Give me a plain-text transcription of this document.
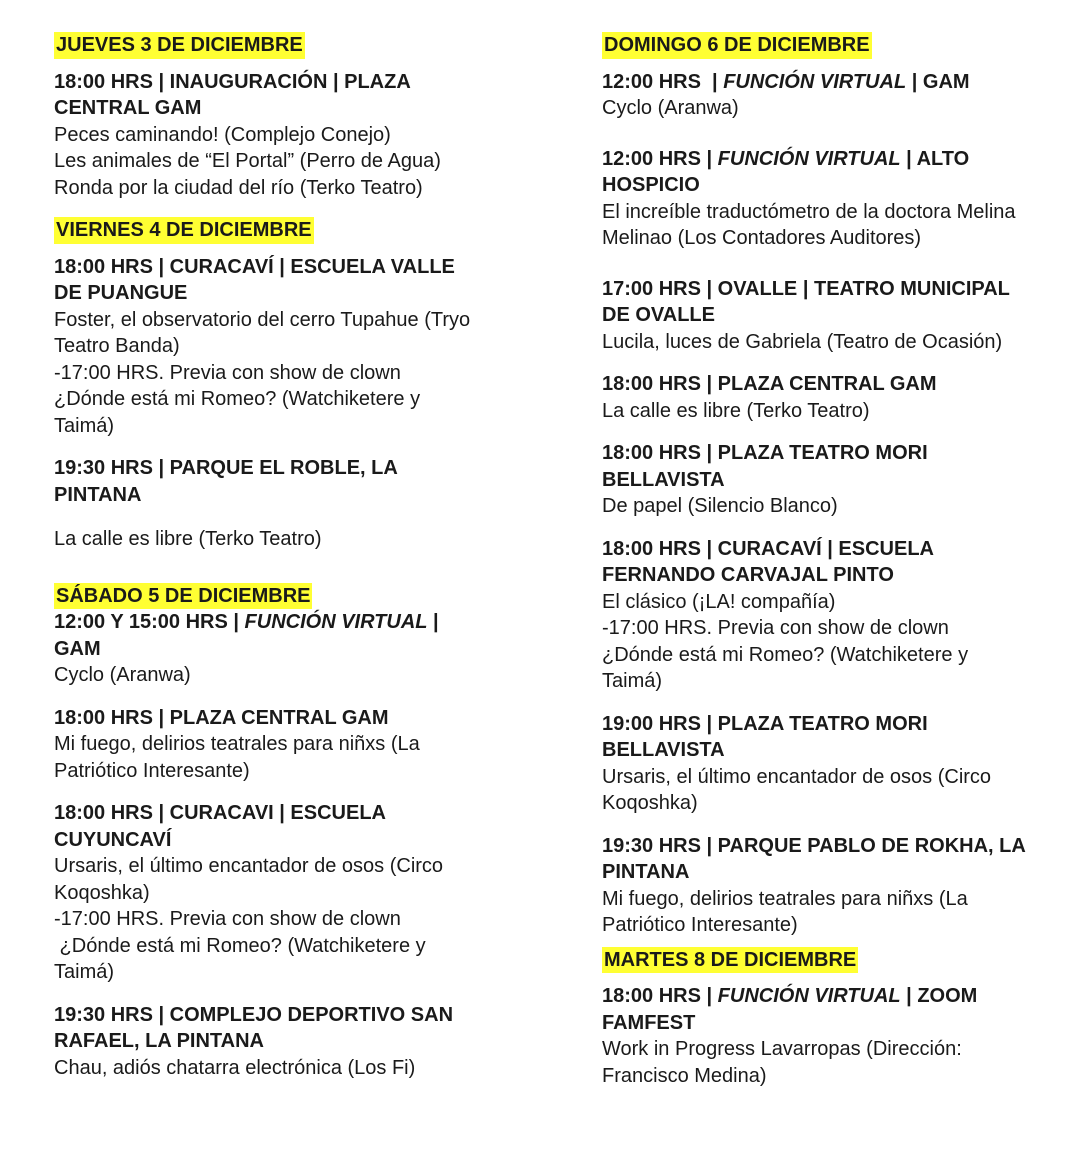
JUEVES 3 DE DICIEMBRE
18:00 HRS | INAUGURACIÓN | PLAZA
CENTRAL GAM
Peces caminando! (Complejo Conejo)
Les animales de “El Portal” (Perro de Agua)
Ronda por la ciudad del río (Terko Teatro)
VIERNES 4 DE DICIEMBRE
18:00 HRS | CURACAVÍ | ESCUELA VALLE
DE PUANGUE
Foster, el observatorio del cerro Tupahue (Tryo
Teatro Banda)
-17:00 HRS. Previa con show de clown
¿Dónde está mi Romeo? (Watchiketere y
Taimá)
19:30 HRS | PARQUE EL ROBLE, LA
PINTANA
La calle es libre (Terko Teatro)
SÁBADO 5 DE DICIEMBRE
12:00 Y 15:00 HRS | FUNCIÓN VIRTUAL |
GAM
Cyclo (Aranwa)
18:00 HRS | PLAZA CENTRAL GAM
Mi fuego, delirios teatrales para niñxs (La
Patriótico Interesante)
18:00 HRS | CURACAVI | ESCUELA
CUYUNCAVÍ
Ursaris, el último encantador de osos (Circo
Koqoshka)
-17:00 HRS. Previa con show de clown
¿Dónde está mi Romeo? (Watchiketere y
Taimá)
19:30 HRS | COMPLEJO DEPORTIVO SAN
RAFAEL, LA PINTANA
Chau, adiós chatarra electrónica (Los Fi)
DOMINGO 6 DE DICIEMBRE
12:00 HRS  | FUNCIÓN VIRTUAL | GAM
Cyclo (Aranwa)
12:00 HRS | FUNCIÓN VIRTUAL | ALTO
HOSPICIO
El increíble traductómetro de la doctora Melina
Melinao (Los Contadores Auditores)
17:00 HRS | OVALLE | TEATRO MUNICIPAL
DE OVALLE
Lucila, luces de Gabriela (Teatro de Ocasión)
18:00 HRS | PLAZA CENTRAL GAM
La calle es libre (Terko Teatro)
18:00 HRS | PLAZA TEATRO MORI
BELLAVISTA
De papel (Silencio Blanco)
18:00 HRS | CURACAVÍ | ESCUELA
FERNANDO CARVAJAL PINTO
El clásico (¡LA! compañía)
-17:00 HRS. Previa con show de clown
¿Dónde está mi Romeo? (Watchiketere y
Taimá)
19:00 HRS | PLAZA TEATRO MORI
BELLAVISTA
Ursaris, el último encantador de osos (Circo
Koqoshka)
19:30 HRS | PARQUE PABLO DE ROKHA, LA
PINTANA
Mi fuego, delirios teatrales para niñxs (La
Patriótico Interesante)
MARTES 8 DE DICIEMBRE
18:00 HRS | FUNCIÓN VIRTUAL | ZOOM
FAMFEST
Work in Progress Lavarropas (Dirección:
Francisco Medina)
